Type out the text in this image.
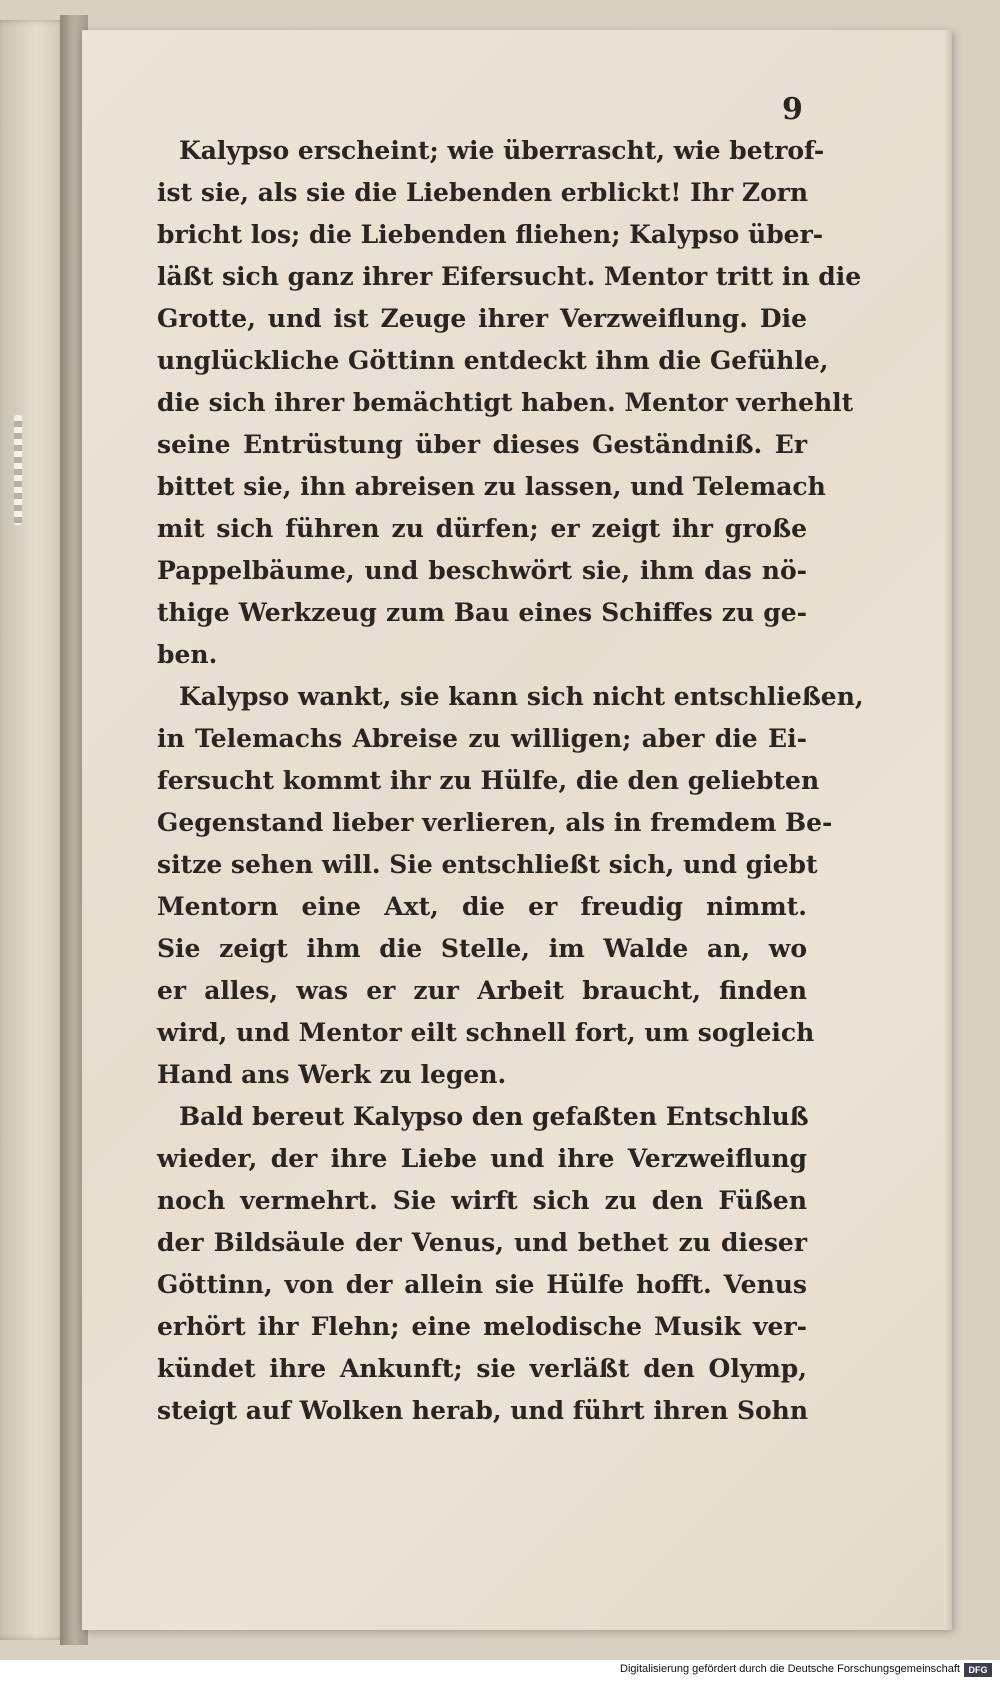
9
Kalypso erscheint; wie überrascht, wie betrof-
ist sie, als sie die Liebenden erblickt! Ihr Zorn
bricht los; die Liebenden fliehen; Kalypso über-
läßt sich ganz ihrer Eifersucht. Mentor tritt in die
Grotte, und ist Zeuge ihrer Verzweiflung. Die
unglückliche Göttinn entdeckt ihm die Gefühle,
die sich ihrer bemächtigt haben. Mentor verhehlt
seine Entrüstung über dieses Geständniß. Er
bittet sie, ihn abreisen zu lassen, und Telemach
mit sich führen zu dürfen; er zeigt ihr große
Pappelbäume, und beschwört sie, ihm das nö-
thige Werkzeug zum Bau eines Schiffes zu ge-
ben.
Kalypso wankt, sie kann sich nicht entschließen,
in Telemachs Abreise zu willigen; aber die Ei-
fersucht kommt ihr zu Hülfe, die den geliebten
Gegenstand lieber verlieren, als in fremdem Be-
sitze sehen will. Sie entschließt sich, und giebt
Mentorn eine Axt, die er freudig nimmt.
Sie zeigt ihm die Stelle, im Walde an, wo
er alles, was er zur Arbeit braucht, finden
wird, und Mentor eilt schnell fort, um sogleich
Hand ans Werk zu legen.
Bald bereut Kalypso den gefaßten Entschluß
wieder, der ihre Liebe und ihre Verzweiflung
noch vermehrt. Sie wirft sich zu den Füßen
der Bildsäule der Venus, und bethet zu dieser
Göttinn, von der allein sie Hülfe hofft. Venus
erhört ihr Flehn; eine melodische Musik ver-
kündet ihre Ankunft; sie verläßt den Olymp,
steigt auf Wolken herab, und führt ihren Sohn
Digitalisierung gefördert durch die Deutsche Forschungsgemeinschaft DFG
